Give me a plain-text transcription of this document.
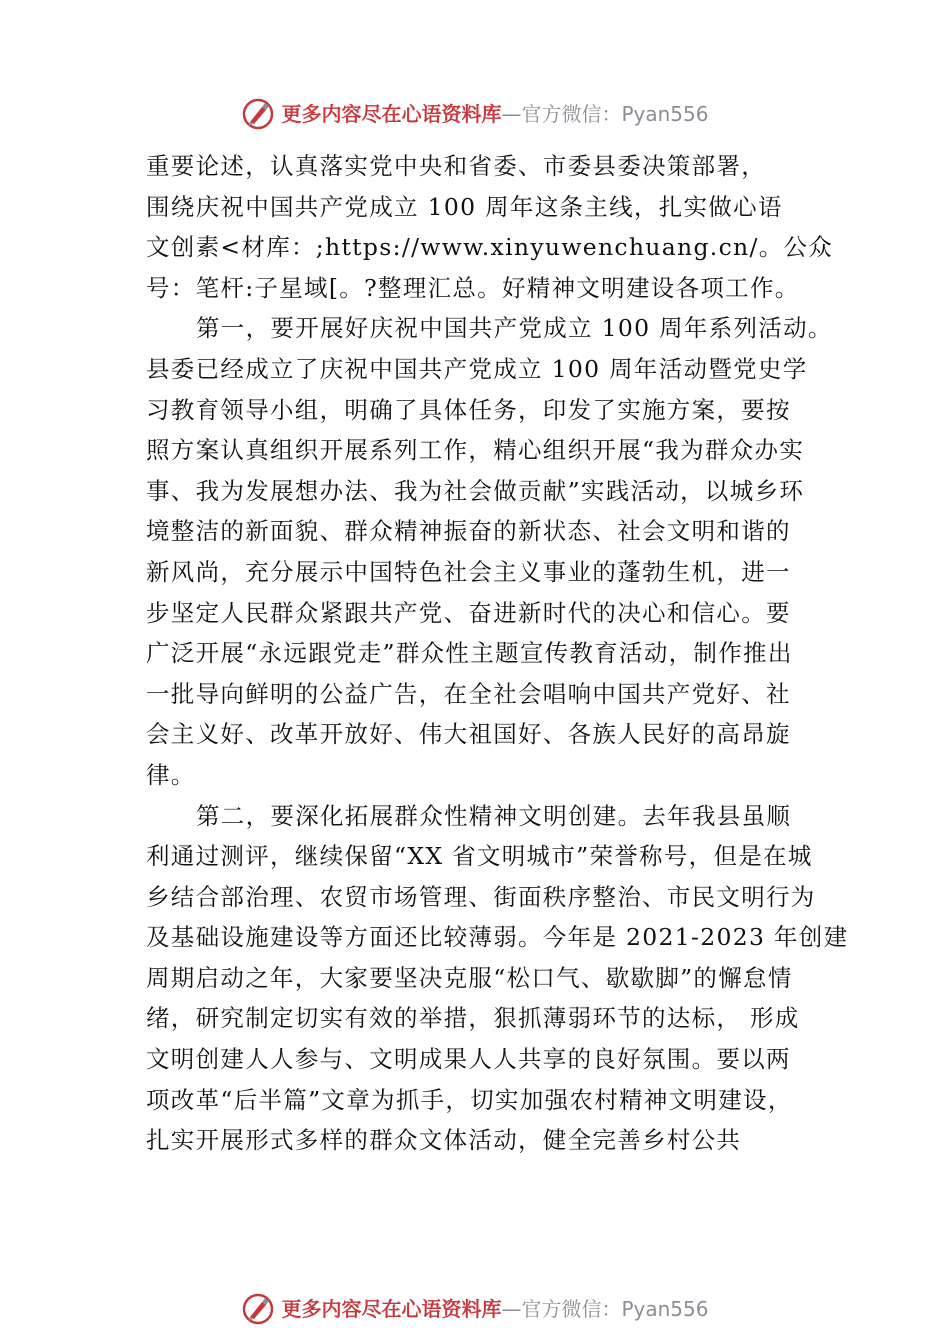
更多内容尽在心语资料库—官方微信：Pyan556
重要论述，认真落实党中央和省委、市委县委决策部署，
围绕庆祝中国共产党成立 100 周年这条主线，扎实做心语
文创素<材库：;https://www.xinyuwenchuang.cn/。公众
号：笔杆:子星域[。?整理汇总。好精神文明建设各项工作。
第一，要开展好庆祝中国共产党成立 100 周年系列活动。
县委已经成立了庆祝中国共产党成立 100 周年活动暨党史学
习教育领导小组，明确了具体任务，印发了实施方案，要按
照方案认真组织开展系列工作，精心组织开展“我为群众办实
事、我为发展想办法、我为社会做贡献”实践活动，以城乡环
境整洁的新面貌、群众精神振奋的新状态、社会文明和谐的
新风尚，充分展示中国特色社会主义事业的蓬勃生机，进一
步坚定人民群众紧跟共产党、奋进新时代的决心和信心。要
广泛开展“永远跟党走”群众性主题宣传教育活动，制作推出
一批导向鲜明的公益广告，在全社会唱响中国共产党好、社
会主义好、改革开放好、伟大祖国好、各族人民好的高昂旋
律。
第二，要深化拓展群众性精神文明创建。去年我县虽顺
利通过测评，继续保留“XX 省文明城市”荣誉称号，但是在城
乡结合部治理、农贸市场管理、街面秩序整治、市民文明行为
及基础设施建设等方面还比较薄弱。今年是 2021-2023 年创建
周期启动之年，大家要坚决克服“松口气、歇歇脚”的懈怠情
绪，研究制定切实有效的举措，狠抓薄弱环节的达标， 形成
文明创建人人参与、文明成果人人共享的良好氛围。要以两
项改革“后半篇”文章为抓手，切实加强农村精神文明建设，
扎实开展形式多样的群众文体活动，健全完善乡村公共
更多内容尽在心语资料库—官方微信：Pyan556
